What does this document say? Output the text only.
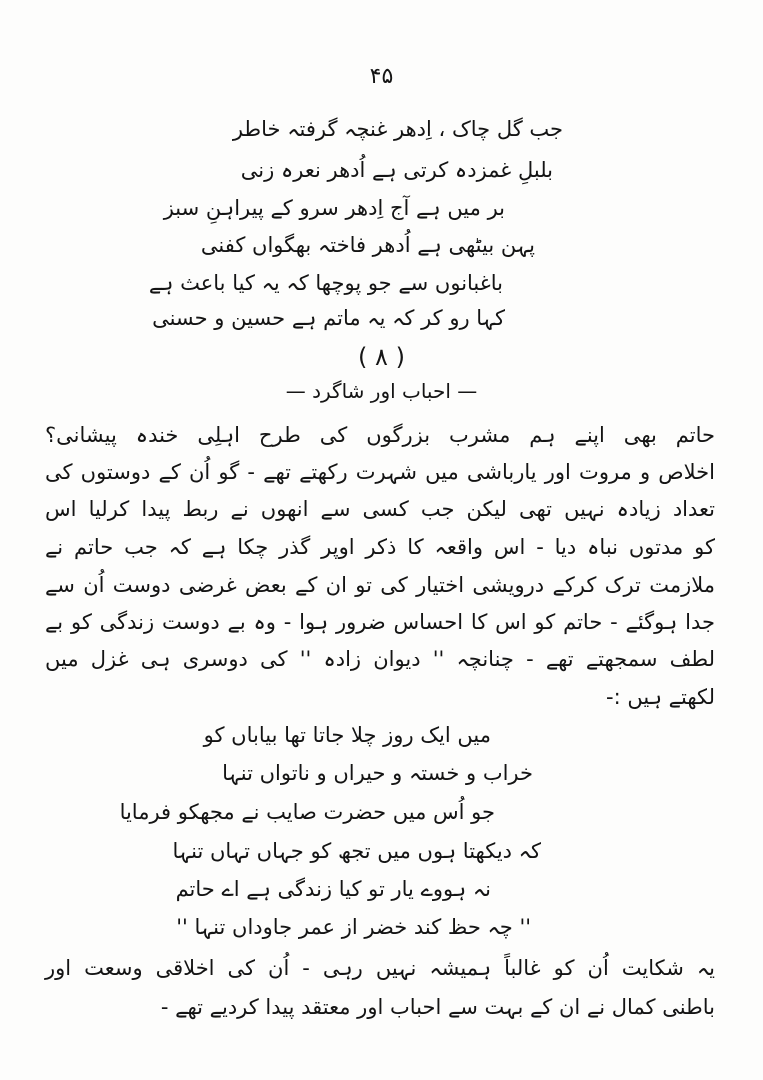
۴۵
جب گل چاک ، اِدھر غنچہ گرفتہ خاطر
بلبلِ غمزدہ کرتی ہے اُدھر نعرہ زنی
بر میں ہے آج اِدھر سرو کے پیراہنِ سبز
پہن بیٹھی ہے اُدھر فاختہ بھگواں کفنی
باغبانوں سے جو پوچھا کہ یہ کیا باعث ہے
کہا رو کر کہ یہ ماتم ہے حسین و حسنی
( ۸ )
— احباب اور شاگرد —
حاتم بھی اپنے ہم مشرب بزرگوں کی طرح اہلِی خندہ پیشانی؟
اخلاص و مروت اور یارباشی میں شہرت رکھتے تھے - گو اُن کے دوستوں کی
تعداد زیادہ نہیں تھی لیکن جب کسی سے انھوں نے ربط پیدا کرلیا اس
کو مدتوں نباہ دیا - اس واقعہ کا ذکر اوپر گذر چکا ہے کہ جب حاتم نے
ملازمت ترک کرکے درویشی اختیار کی تو ان کے بعض غرضی دوست اُن سے
جدا ہوگئے - حاتم کو اس کا احساس ضرور ہوا - وہ بے دوست زندگی کو بے
لطف سمجھتے تھے - چنانچہ '' دیوان زادہ '' کی دوسری ہی غزل میں
لکھتے ہیں :-
میں ایک روز چلا جاتا تھا بیاباں کو
خراب و خستہ و حیراں و ناتواں تنہا
جو اُس میں حضرت صایب نے مجھکو فرمایا
کہ دیکھتا ہوں میں تجھ کو جہاں تہاں تنہا
نہ ہووے یار تو کیا زندگی ہے اے حاتم
'' چہ حظ کند خضر از عمر جاوداں تنہا ''
یہ شکایت اُن کو غالباً ہمیشہ نہیں رہی - اُن کی اخلاقی وسعت اور
باطنی کمال نے ان کے بہت سے احباب اور معتقد پیدا کردیے تھے -
